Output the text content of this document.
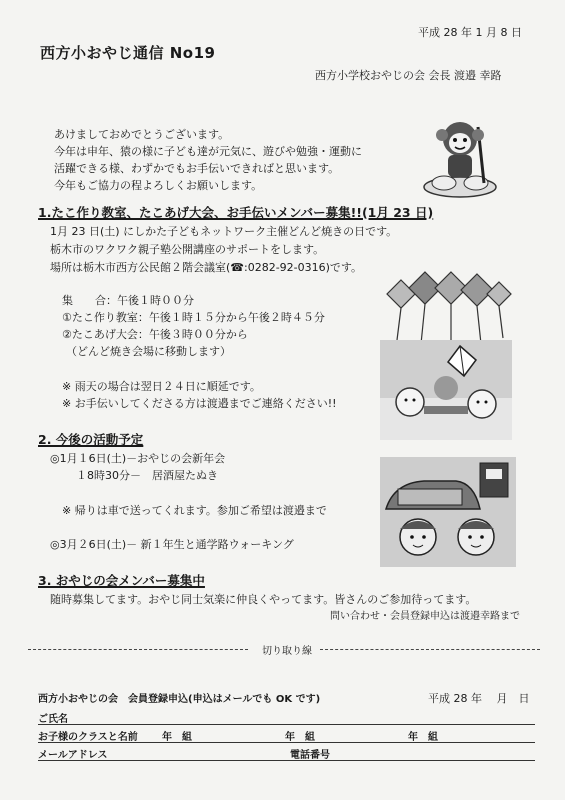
平成 28 年 1 月 8 日
西方小おやじ通信 No19
西方小学校おやじの会 会長 渡邉 幸路
あけましておめでとうございます。
今年は申年、猿の様に子ども達が元気に、遊びや勉強・運動に
活躍できる様、わずかでもお手伝いできればと思います。
今年もご協力の程よろしくお願いします。
1.たこ作り教室、たこあげ大会、お手伝いメンバー募集!!(1月 23 日)
1月 23 日(土) にしかた子どもネットワーク主催どんど焼きの日です。
栃木市のワクワク親子塾公開講座のサポートをします。
場所は栃木市西方公民館２階会議室(☎:0282-92-0316)です。
集　　合：午後１時００分
①たこ作り教室：午後１時１５分から午後２時４５分
②たこあげ大会：午後３時００分から
（どんど焼き会場に移動します）
※ 雨天の場合は翌日２４日に順延です。
※ お手伝いしてくださる方は渡邉までご連絡ください!!
2. 今後の活動予定
◎1月１6日(土)－おやじの会新年会
１8時30分－　居酒屋たぬき
※ 帰りは車で送ってくれます。参加ご希望は渡邉まで
◎3月２6日(土)－ 新１年生と通学路ウォーキング
3. おやじの会メンバー募集中
随時募集してます。おやじ同士気楽に仲良くやってます。皆さんのご参加待ってます。
問い合わせ・会員登録申込は渡邉幸路まで
切り取り線
西方小おやじの会　会員登録申込(申込はメールでも OK です)	平成 28 年　 月　日
ご氏名
お子様のクラスと名前 年　組	年　組	年　組
メールアドレス	電話番号
